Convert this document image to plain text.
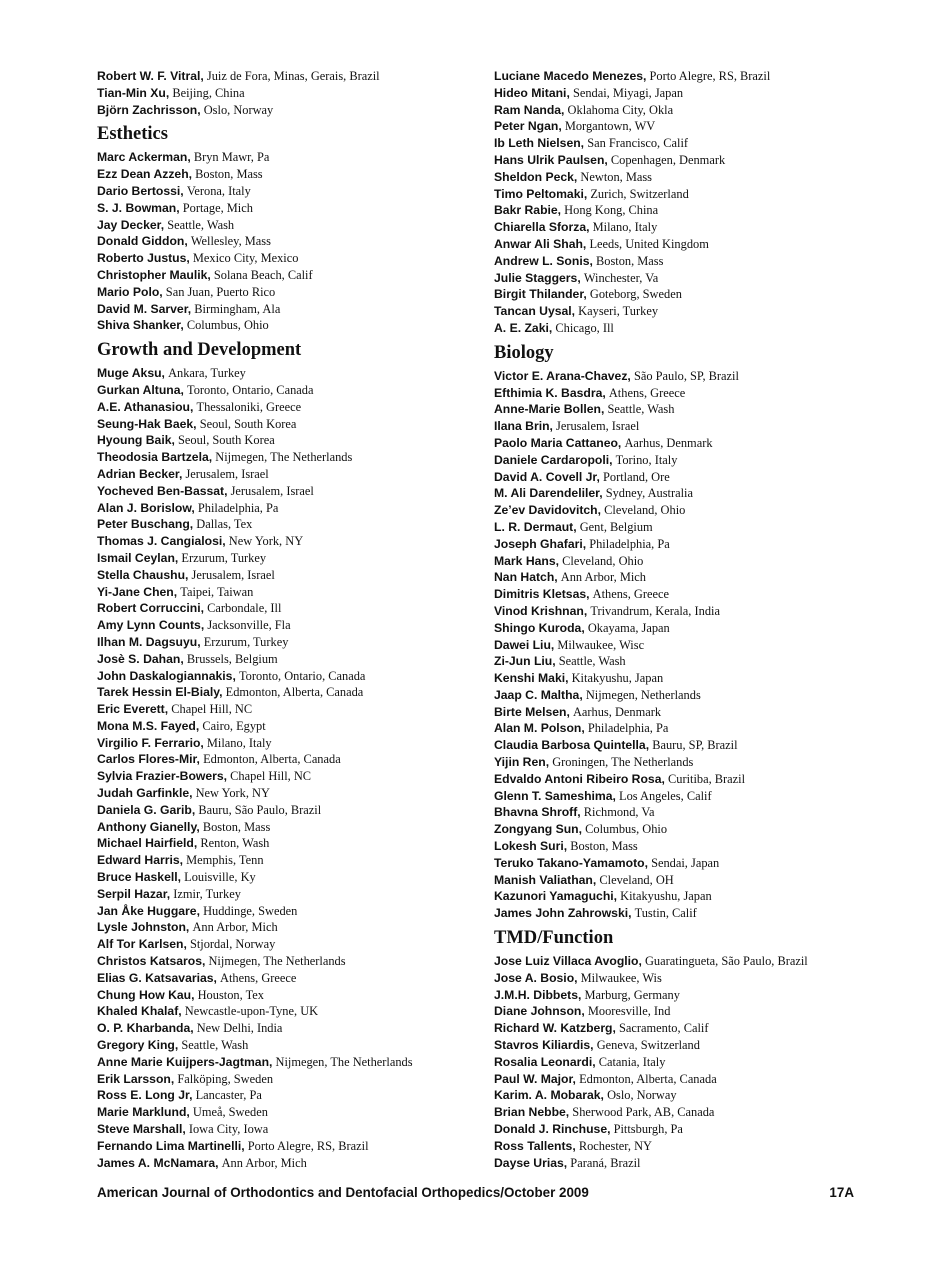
Robert W. F. Vitral, Juiz de Fora, Minas, Gerais, Brazil
Tian-Min Xu, Beijing, China
Björn Zachrisson, Oslo, Norway
Esthetics
Marc Ackerman, Bryn Mawr, Pa
Ezz Dean Azzeh, Boston, Mass
Dario Bertossi, Verona, Italy
S. J. Bowman, Portage, Mich
Jay Decker, Seattle, Wash
Donald Giddon, Wellesley, Mass
Roberto Justus, Mexico City, Mexico
Christopher Maulik, Solana Beach, Calif
Mario Polo, San Juan, Puerto Rico
David M. Sarver, Birmingham, Ala
Shiva Shanker, Columbus, Ohio
Growth and Development
Muge Aksu, Ankara, Turkey
Gurkan Altuna, Toronto, Ontario, Canada
A.E. Athanasiou, Thessaloniki, Greece
Seung-Hak Baek, Seoul, South Korea
Hyoung Baik, Seoul, South Korea
Theodosia Bartzela, Nijmegen, The Netherlands
Adrian Becker, Jerusalem, Israel
Yocheved Ben-Bassat, Jerusalem, Israel
Alan J. Borislow, Philadelphia, Pa
Peter Buschang, Dallas, Tex
Thomas J. Cangialosi, New York, NY
Ismail Ceylan, Erzurum, Turkey
Stella Chaushu, Jerusalem, Israel
Yi-Jane Chen, Taipei, Taiwan
Robert Corruccini, Carbondale, Ill
Amy Lynn Counts, Jacksonville, Fla
Ilhan M. Dagsuyu, Erzurum, Turkey
Josè S. Dahan, Brussels, Belgium
John Daskalogiannakis, Toronto, Ontario, Canada
Tarek Hessin El-Bialy, Edmonton, Alberta, Canada
Eric Everett, Chapel Hill, NC
Mona M.S. Fayed, Cairo, Egypt
Virgilio F. Ferrario, Milano, Italy
Carlos Flores-Mir, Edmonton, Alberta, Canada
Sylvia Frazier-Bowers, Chapel Hill, NC
Judah Garfinkle, New York, NY
Daniela G. Garib, Bauru, São Paulo, Brazil
Anthony Gianelly, Boston, Mass
Michael Hairfield, Renton, Wash
Edward Harris, Memphis, Tenn
Bruce Haskell, Louisville, Ky
Serpil Hazar, Izmir, Turkey
Jan Åke Huggare, Huddinge, Sweden
Lysle Johnston, Ann Arbor, Mich
Alf Tor Karlsen, Stjordal, Norway
Christos Katsaros, Nijmegen, The Netherlands
Elias G. Katsavarias, Athens, Greece
Chung How Kau, Houston, Tex
Khaled Khalaf, Newcastle-upon-Tyne, UK
O. P. Kharbanda, New Delhi, India
Gregory King, Seattle, Wash
Anne Marie Kuijpers-Jagtman, Nijmegen, The Netherlands
Erik Larsson, Falköping, Sweden
Ross E. Long Jr, Lancaster, Pa
Marie Marklund, Umeå, Sweden
Steve Marshall, Iowa City, Iowa
Fernando Lima Martinelli, Porto Alegre, RS, Brazil
James A. McNamara, Ann Arbor, Mich
Luciane Macedo Menezes, Porto Alegre, RS, Brazil
Hideo Mitani, Sendai, Miyagi, Japan
Ram Nanda, Oklahoma City, Okla
Peter Ngan, Morgantown, WV
Ib Leth Nielsen, San Francisco, Calif
Hans Ulrik Paulsen, Copenhagen, Denmark
Sheldon Peck, Newton, Mass
Timo Peltomaki, Zurich, Switzerland
Bakr Rabie, Hong Kong, China
Chiarella Sforza, Milano, Italy
Anwar Ali Shah, Leeds, United Kingdom
Andrew L. Sonis, Boston, Mass
Julie Staggers, Winchester, Va
Birgit Thilander, Goteborg, Sweden
Tancan Uysal, Kayseri, Turkey
A. E. Zaki, Chicago, Ill
Biology
Victor E. Arana-Chavez, São Paulo, SP, Brazil
Efthimia K. Basdra, Athens, Greece
Anne-Marie Bollen, Seattle, Wash
Ilana Brin, Jerusalem, Israel
Paolo Maria Cattaneo, Aarhus, Denmark
Daniele Cardaropoli, Torino, Italy
David A. Covell Jr, Portland, Ore
M. Ali Darendeliler, Sydney, Australia
Ze’ev Davidovitch, Cleveland, Ohio
L. R. Dermaut, Gent, Belgium
Joseph Ghafari, Philadelphia, Pa
Mark Hans, Cleveland, Ohio
Nan Hatch, Ann Arbor, Mich
Dimitris Kletsas, Athens, Greece
Vinod Krishnan, Trivandrum, Kerala, India
Shingo Kuroda, Okayama, Japan
Dawei Liu, Milwaukee, Wisc
Zi-Jun Liu, Seattle, Wash
Kenshi Maki, Kitakyushu, Japan
Jaap C. Maltha, Nijmegen, Netherlands
Birte Melsen, Aarhus, Denmark
Alan M. Polson, Philadelphia, Pa
Claudia Barbosa Quintella, Bauru, SP, Brazil
Yijin Ren, Groningen, The Netherlands
Edvaldo Antoni Ribeiro Rosa, Curitiba, Brazil
Glenn T. Sameshima, Los Angeles, Calif
Bhavna Shroff, Richmond, Va
Zongyang Sun, Columbus, Ohio
Lokesh Suri, Boston, Mass
Teruko Takano-Yamamoto, Sendai, Japan
Manish Valiathan, Cleveland, OH
Kazunori Yamaguchi, Kitakyushu, Japan
James John Zahrowski, Tustin, Calif
TMD/Function
Jose Luiz Villaca Avoglio, Guaratingueta, São Paulo, Brazil
Jose A. Bosio, Milwaukee, Wis
J.M.H. Dibbets, Marburg, Germany
Diane Johnson, Mooresville, Ind
Richard W. Katzberg, Sacramento, Calif
Stavros Kiliardis, Geneva, Switzerland
Rosalia Leonardi, Catania, Italy
Paul W. Major, Edmonton, Alberta, Canada
Karim. A. Mobarak, Oslo, Norway
Brian Nebbe, Sherwood Park, AB, Canada
Donald J. Rinchuse, Pittsburgh, Pa
Ross Tallents, Rochester, NY
Dayse Urias, Paraná, Brazil
American Journal of Orthodontics and Dentofacial Orthopedics/October 2009	17A
